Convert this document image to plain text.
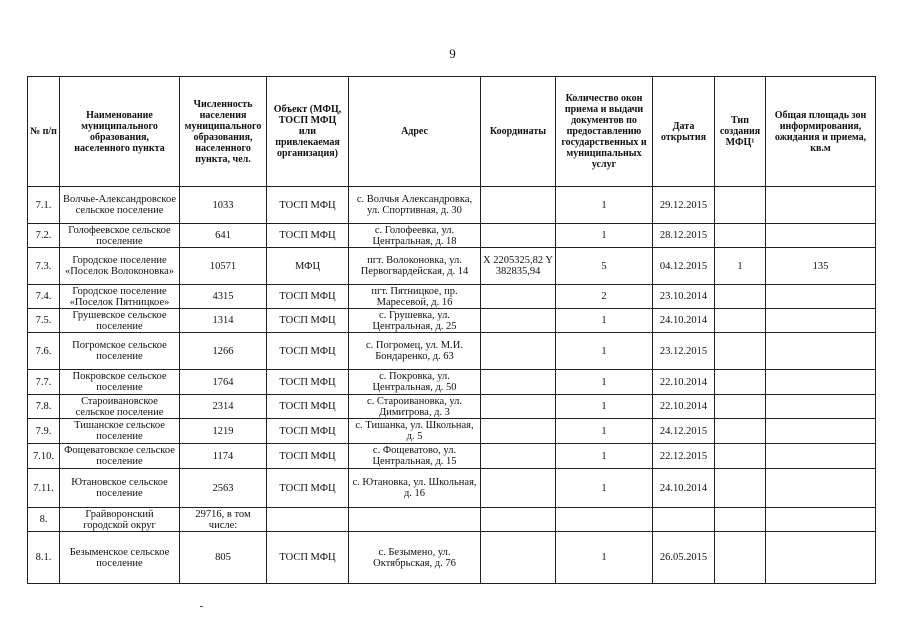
9
№ п/п	Наименование муниципального образования, населенного пункта	Численность населения муниципального образования, населенного пункта, чел.	Объект (МФЦ, ТОСП МФЦ или привлекаемая организация)	Адрес	Координаты	Количество окон приема и выдачи документов по предоставлению государственных и муниципальных услуг	Дата открытия	Тип создания МФЦ¹	Общая площадь зон информирования, ожидания и приема, кв.м
7.1.	Волчье-Александровское сельское поселение	1033	ТОСП МФЦ	с. Волчья Александровка, ул. Спортивная, д. 30		1	29.12.2015		
7.2.	Голофеевское сельское поселение	641	ТОСП МФЦ	с. Голофеевка, ул. Центральная, д. 18		1	28.12.2015		
7.3.	Городское поселение «Поселок Волоконовка»	10571	МФЦ	пгт. Волоконовка, ул. Первогвардейская, д. 14	X 2205325,82 Y 382835,94	5	04.12.2015	1	135
7.4.	Городское поселение «Поселок Пятницкое»	4315	ТОСП МФЦ	пгт. Пятницкое, пр. Маресевой, д. 16		2	23.10.2014		
7.5.	Грушевское сельское поселение	1314	ТОСП МФЦ	с. Грушевка, ул. Центральная, д. 25		1	24.10.2014		
7.6.	Погромское сельское поселение	1266	ТОСП МФЦ	с. Погромец, ул. М.И. Бондаренко, д. 63		1	23.12.2015		
7.7.	Покровское сельское поселение	1764	ТОСП МФЦ	с. Покровка, ул. Центральная, д. 50		1	22.10.2014		
7.8.	Староивановское сельское поселение	2314	ТОСП МФЦ	с. Староивановка, ул. Димитрова, д. 3		1	22.10.2014		
7.9.	Тишанское сельское поселение	1219	ТОСП МФЦ	с. Тишанка, ул. Школьная, д. 5		1	24.12.2015		
7.10.	Фощеватовское сельское поселение	1174	ТОСП МФЦ	с. Фощеватово, ул. Центральная, д. 15		1	22.12.2015		
7.11.	Ютановское сельское поселение	2563	ТОСП МФЦ	с. Ютановка, ул. Школьная, д. 16		1	24.10.2014		
8.	Грайворонский городской округ	29716, в том числе:							
8.1.	Безыменское сельское поселение	805	ТОСП МФЦ	с. Безымено, ул. Октябрьская, д. 76		1	26.05.2015		
